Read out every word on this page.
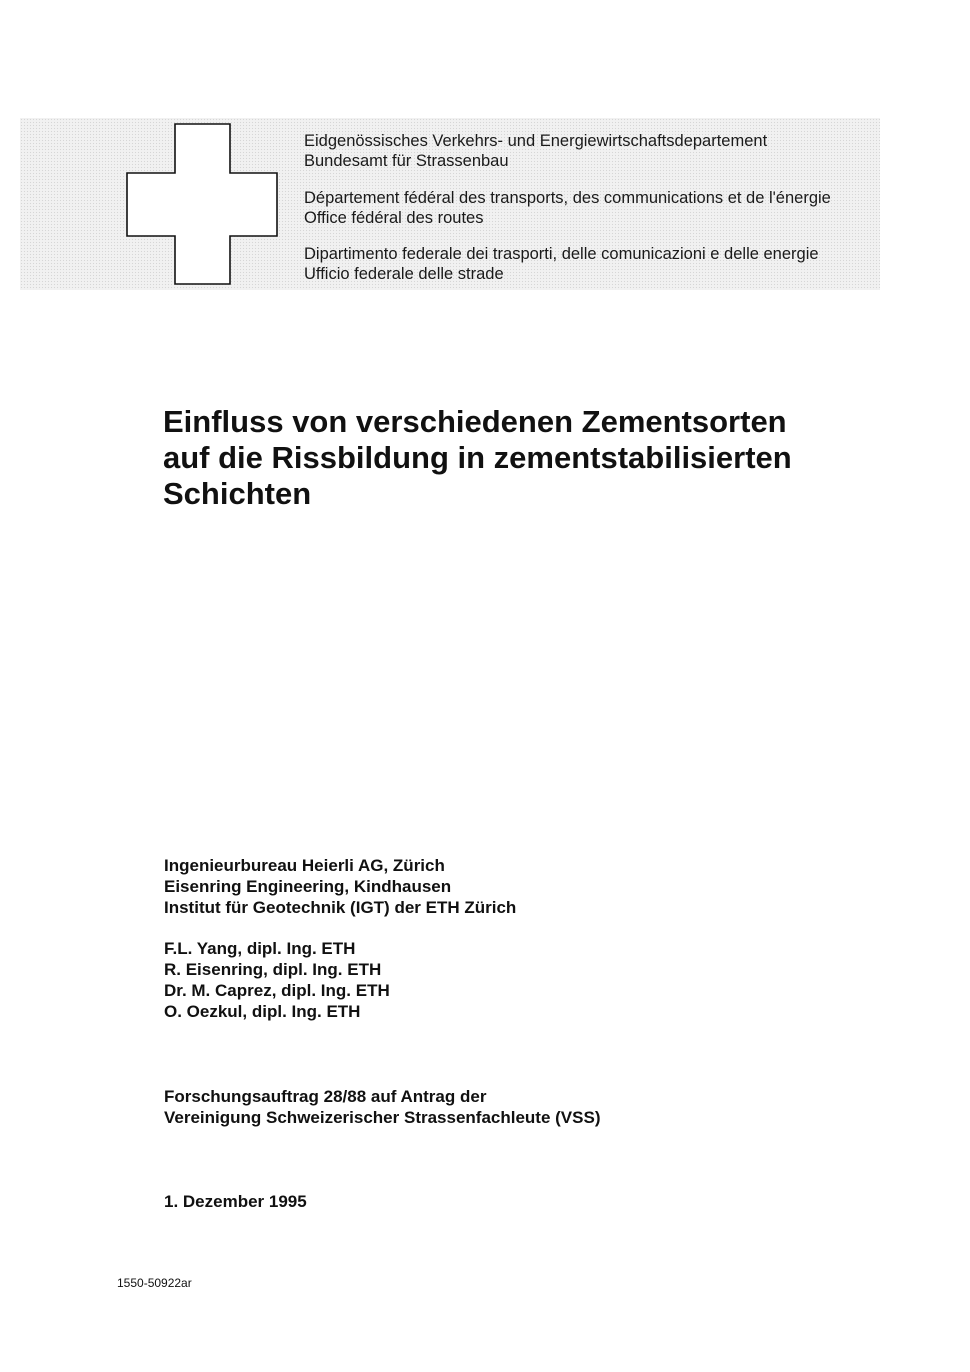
Eidgenössisches Verkehrs- und Energiewirtschaftsdepartement
Bundesamt für Strassenbau
Département fédéral des transports, des communications et de l'énergie
Office fédéral des routes
Dipartimento federale dei trasporti, delle comunicazioni e delle energie
Ufficio federale delle strade
Einfluss von verschiedenen Zementsorten
auf die Rissbildung in zementstabilisierten
Schichten
Ingenieurbureau Heierli AG, Zürich
Eisenring Engineering, Kindhausen
Institut für Geotechnik (IGT) der ETH Zürich
F.L. Yang, dipl. Ing. ETH
R. Eisenring, dipl. Ing. ETH
Dr. M. Caprez, dipl. Ing. ETH
O. Oezkul, dipl. Ing. ETH
Forschungsauftrag 28/88 auf Antrag der
Vereinigung Schweizerischer Strassenfachleute (VSS)
1. Dezember 1995
1550-50922ar
